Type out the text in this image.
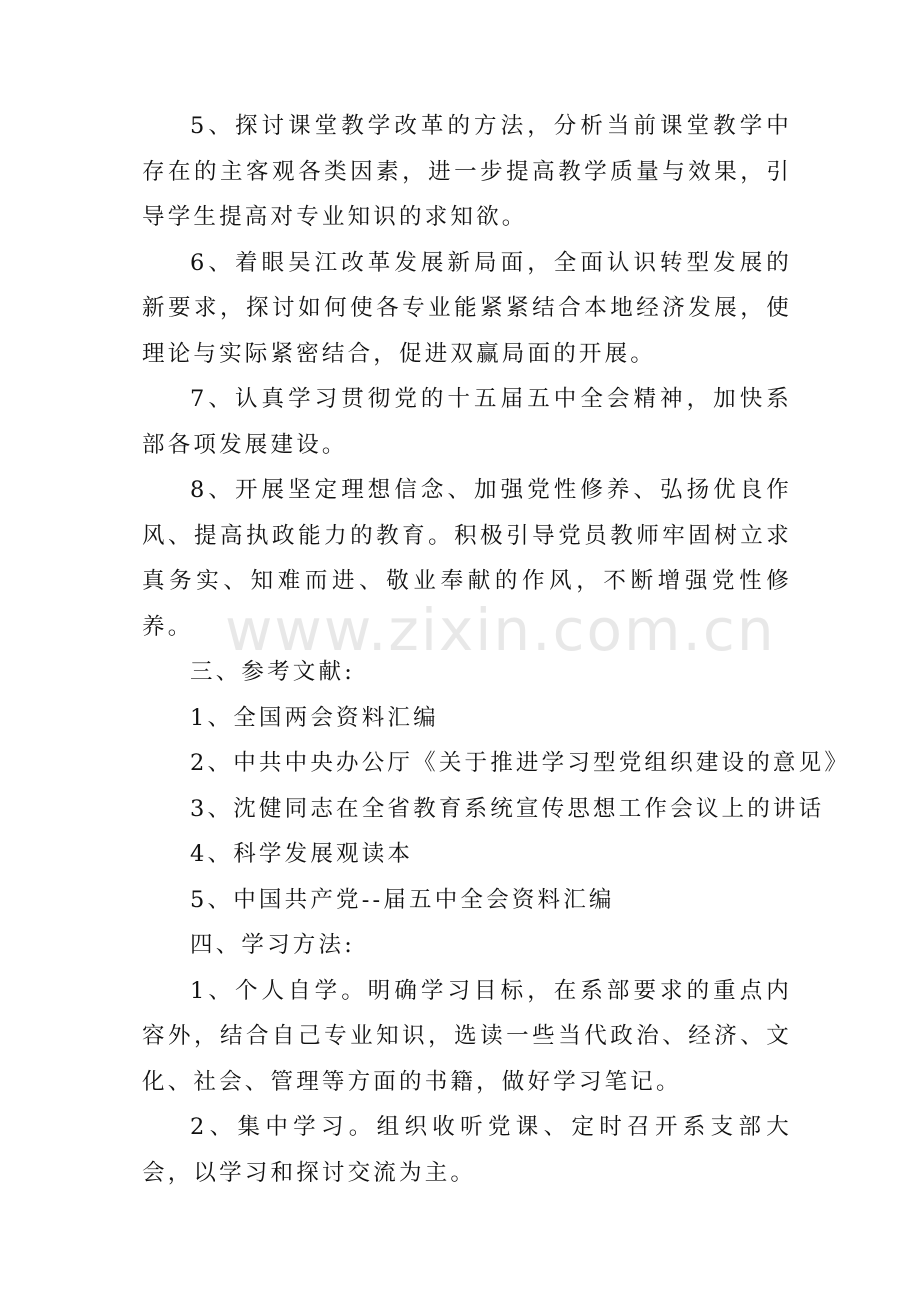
5、探讨课堂教学改革的方法，分析当前课堂教学中存在的主客观各类因素，进一步提高教学质量与效果，引导学生提高对专业知识的求知欲。

6、着眼吴江改革发展新局面，全面认识转型发展的新要求，探讨如何使各专业能紧紧结合本地经济发展，使理论与实际紧密结合，促进双赢局面的开展。

7、认真学习贯彻党的十五届五中全会精神，加快系部各项发展建设。

8、开展坚定理想信念、加强党性修养、弘扬优良作风、提高执政能力的教育。积极引导党员教师牢固树立求真务实、知难而进、敬业奉献的作风，不断增强党性修养。

三、参考文献:

1、全国两会资料汇编

2、中共中央办公厅《关于推进学习型党组织建设的意见》

3、沈健同志在全省教育系统宣传思想工作会议上的讲话

4、科学发展观读本

5、中国共产党--届五中全会资料汇编

四、学习方法:

1、个人自学。明确学习目标，在系部要求的重点内容外，结合自己专业知识，选读一些当代政治、经济、文化、社会、管理等方面的书籍，做好学习笔记。

2、集中学习。组织收听党课、定时召开系支部大会，以学习和探讨交流为主。

www.zixin.com.cn
